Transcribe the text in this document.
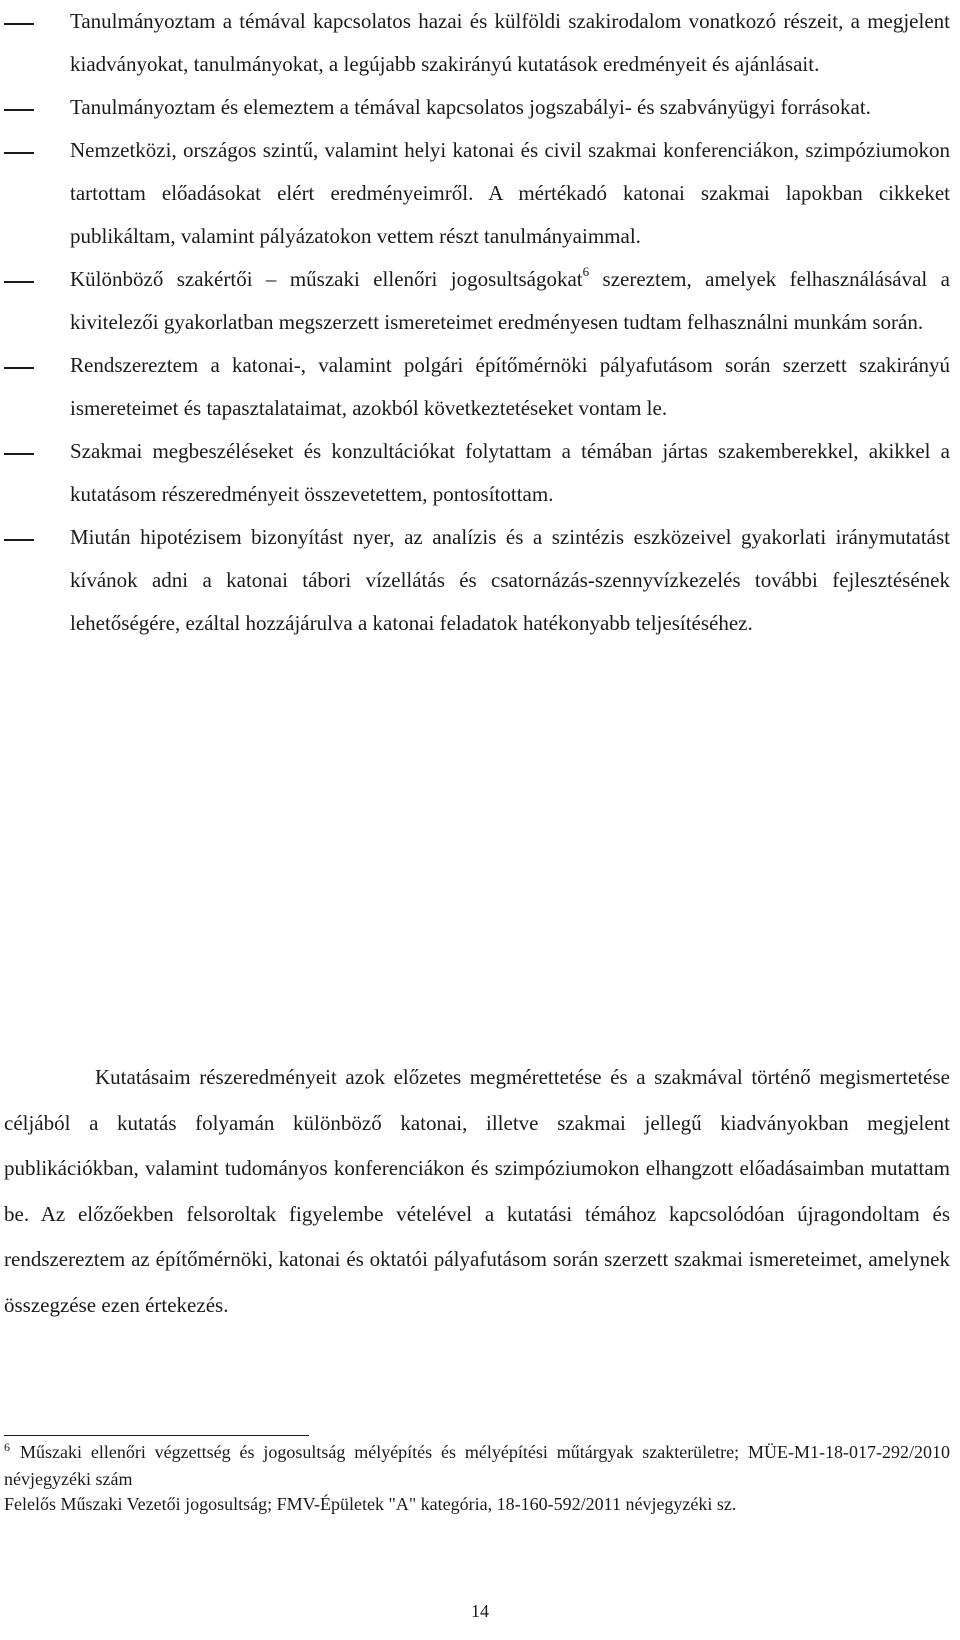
Tanulmányoztam a témával kapcsolatos hazai és külföldi szakirodalom vonatkozó részeit, a megjelent kiadványokat, tanulmányokat, a legújabb szakirányú kutatások eredményeit és ajánlásait.
Tanulmányoztam és elemeztem a témával kapcsolatos jogszabályi- és szabványügyi forrásokat.
Nemzetközi, országos szintű, valamint helyi katonai és civil szakmai konferenciákon, szimpóziumokon tartottam előadásokat elért eredményeimről. A mértékadó katonai szakmai lapokban cikkeket publikáltam, valamint pályázatokon vettem részt tanulmányaimmal.
Különböző szakértői – műszaki ellenőri jogosultságokat$^6$ szereztem, amelyek felhasználásával a kivitelezői gyakorlatban megszerzett ismereteimet eredményesen tudtam felhasználni munkám során.
Rendszereztem a katonai-, valamint polgári építőmérnöki pályafutásom során szerzett szakirányú ismereteimet és tapasztalataimat, azokból következtetéseket vontam le.
Szakmai megbeszéléseket és konzultációkat folytattam a témában jártas szakemberekkel, akikkel a kutatásom részeredményeit összevetettem, pontosítottam.
Miután hipotézisem bizonyítást nyer, az analízis és a szintézis eszközeivel gyakorlati iránymutatást kívánok adni a katonai tábori vízellátás és csatornázás-szennyvízkezelés további fejlesztésének lehetőségére, ezáltal hozzájárulva a katonai feladatok hatékonyabb teljesítéséhez.

Kutatásaim részeredményeit azok előzetes megmérettetése és a szakmával történő megismertetése céljából a kutatás folyamán különböző katonai, illetve szakmai jellegű kiadványokban megjelent publikációkban, valamint tudományos konferenciákon és szimpóziumokon elhangzott előadásaimban mutattam be. Az előzőekben felsoroltak figyelembe vételével a kutatási témához kapcsolódóan újragondoltam és rendszereztem az építőmérnöki, katonai és oktatói pályafutásom során szerzett szakmai ismereteimet, amelynek összegzése ezen értekezés.

$^6$ Műszaki ellenőri végzettség és jogosultság mélyépítés és mélyépítési műtárgyak szakterületre; MÜE-M1-18-017-292/2010 névjegyzéki szám
Felelős Műszaki Vezetői jogosultság; FMV-Épületek "A" kategória, 18-160-592/2011 névjegyzéki sz.
14
